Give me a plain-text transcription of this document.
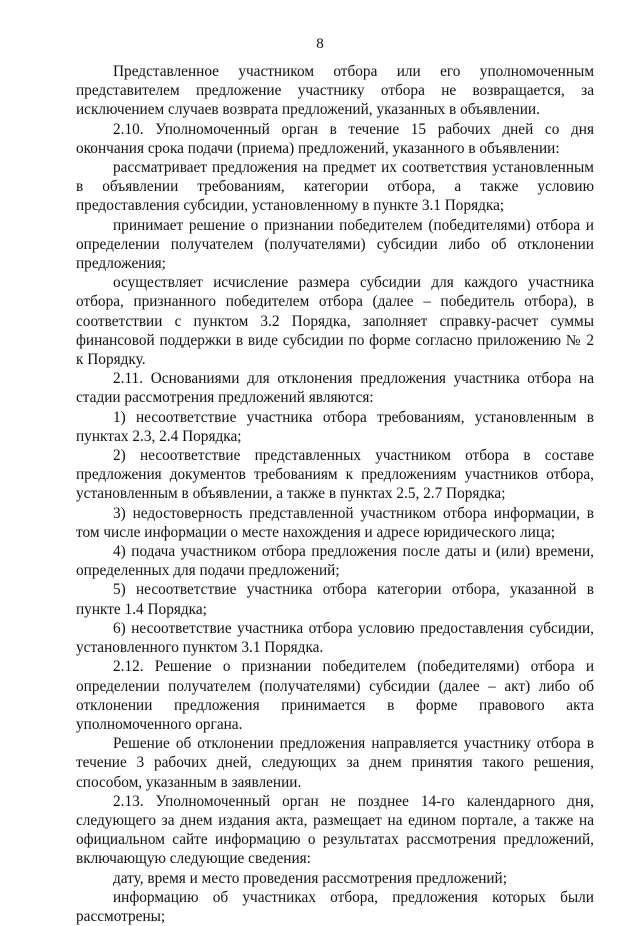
8

Представленное участником отбора или его уполномоченным представителем предложение участнику отбора не возвращается, за исключением случаев возврата предложений, указанных в объявлении.

2.10. Уполномоченный орган в течение 15 рабочих дней со дня окончания срока подачи (приема) предложений, указанного в объявлении:

рассматривает предложения на предмет их соответствия установленным в объявлении требованиям, категории отбора, а также условию предоставления субсидии, установленному в пункте 3.1 Порядка;

принимает решение о признании победителем (победителями) отбора и определении получателем (получателями) субсидии либо об отклонении предложения;

осуществляет исчисление размера субсидии для каждого участника отбора, признанного победителем отбора (далее – победитель отбора), в соответствии с пунктом 3.2 Порядка, заполняет справку-расчет суммы финансовой поддержки в виде субсидии по форме согласно приложению № 2 к Порядку.

2.11. Основаниями для отклонения предложения участника отбора на стадии рассмотрения предложений являются:

1) несоответствие участника отбора требованиям, установленным в пунктах 2.3, 2.4 Порядка;

2) несоответствие представленных участником отбора в составе предложения документов требованиям к предложениям участников отбора, установленным в объявлении, а также в пунктах 2.5, 2.7 Порядка;

3) недостоверность представленной участником отбора информации, в том числе информации о месте нахождения и адресе юридического лица;

4) подача участником отбора предложения после даты и (или) времени, определенных для подачи предложений;

5) несоответствие участника отбора категории отбора, указанной в пункте 1.4 Порядка;

6) несоответствие участника отбора условию предоставления субсидии, установленного пунктом 3.1 Порядка.

2.12. Решение о признании победителем (победителями) отбора и определении получателем (получателями) субсидии (далее – акт) либо об отклонении предложения принимается в форме правового акта уполномоченного органа.

Решение об отклонении предложения направляется участнику отбора в течение 3 рабочих дней, следующих за днем принятия такого решения, способом, указанным в заявлении.

2.13. Уполномоченный орган не позднее 14-го календарного дня, следующего за днем издания акта, размещает на едином портале, а также на официальном сайте информацию о результатах рассмотрения предложений, включающую следующие сведения:

дату, время и место проведения рассмотрения предложений;

информацию об участниках отбора, предложения которых были рассмотрены;
